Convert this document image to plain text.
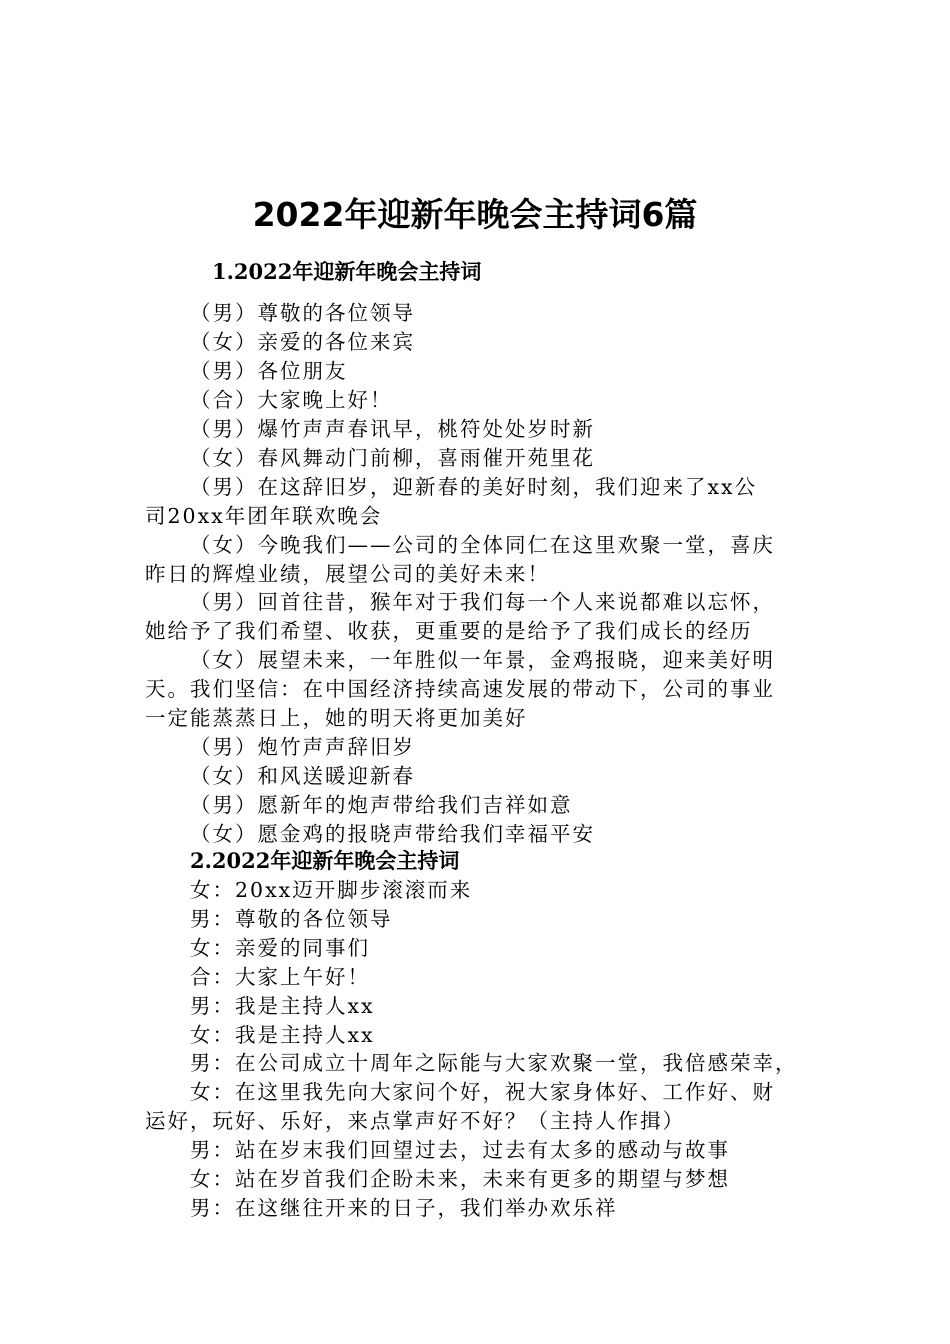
2022年迎新年晚会主持词6篇
1.2022年迎新年晚会主持词
（男）尊敬的各位领导
（女）亲爱的各位来宾
（男）各位朋友
（合）大家晚上好！
（男）爆竹声声春讯早，桃符处处岁时新
（女）春风舞动门前柳，喜雨催开苑里花
（男）在这辞旧岁，迎新春的美好时刻，我们迎来了xx公
司20xx年团年联欢晚会
（女）今晚我们——公司的全体同仁在这里欢聚一堂，喜庆
昨日的辉煌业绩，展望公司的美好未来！
（男）回首往昔，猴年对于我们每一个人来说都难以忘怀，
她给予了我们希望、收获，更重要的是给予了我们成长的经历
（女）展望未来，一年胜似一年景，金鸡报晓，迎来美好明
天。我们坚信：在中国经济持续高速发展的带动下，公司的事业
一定能蒸蒸日上，她的明天将更加美好
（男）炮竹声声辞旧岁
（女）和风送暖迎新春
（男）愿新年的炮声带给我们吉祥如意
（女）愿金鸡的报晓声带给我们幸福平安
2.2022年迎新年晚会主持词
女：20xx迈开脚步滚滚而来
男：尊敬的各位领导
女：亲爱的同事们
合：大家上午好！
男：我是主持人xx
女：我是主持人xx
男：在公司成立十周年之际能与大家欢聚一堂，我倍感荣幸，
女：在这里我先向大家问个好，祝大家身体好、工作好、财
运好，玩好、乐好，来点掌声好不好？（主持人作揖）
男：站在岁末我们回望过去，过去有太多的感动与故事
女：站在岁首我们企盼未来，未来有更多的期望与梦想
男：在这继往开来的日子，我们举办欢乐祥
